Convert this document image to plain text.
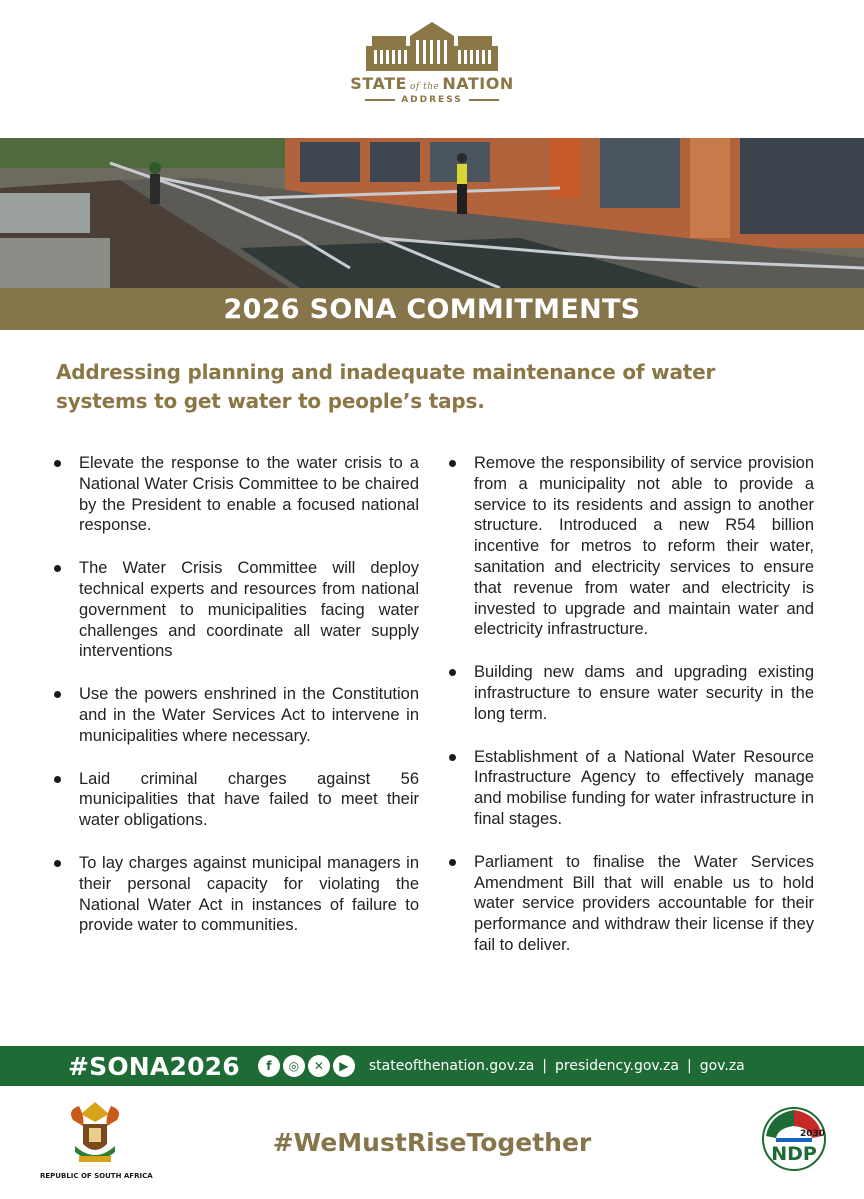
STATE of the NATION
ADDRESS
2026 SONA COMMITMENTS
Addressing planning and inadequate maintenance of water
systems to get water to people’s taps.
Elevate the response to the water crisis to a National Water Crisis Committee to be chaired by the President to enable a focused national response.
The Water Crisis Committee will deploy technical experts and resources from national government to municipalities facing water challenges and coordinate all water supply interventions
Use the powers enshrined in the Constitution and in the Water Services Act to intervene in municipalities where necessary.
Laid criminal charges against 56 municipalities that have failed to meet their water obligations.
To lay charges against municipal managers in their personal capacity for violating the National Water Act in instances of failure to provide water to communities.
Remove the responsibility of service provision from a municipality not able to provide a service to its residents and assign to another structure. Introduced a new R54 billion incentive for metros to reform their water, sanitation and electricity services to ensure that revenue from water and electricity is invested to upgrade and maintain water and electricity infrastructure.
Building new dams and upgrading existing infrastructure to ensure water security in the long term.
Establishment of a National Water Resource Infrastructure Agency to effectively manage and mobilise funding for water infrastructure in final stages.
Parliament to finalise the Water Services Amendment Bill that will enable us to hold water service providers accountable for their performance and withdraw their license if they fail to deliver.
#SONA2026	f	◎	✕	▶	stateofthenation.gov.za | presidency.gov.za | gov.za
REPUBLIC OF SOUTH AFRICA
#WeMustRiseTogether	2030
NDP
